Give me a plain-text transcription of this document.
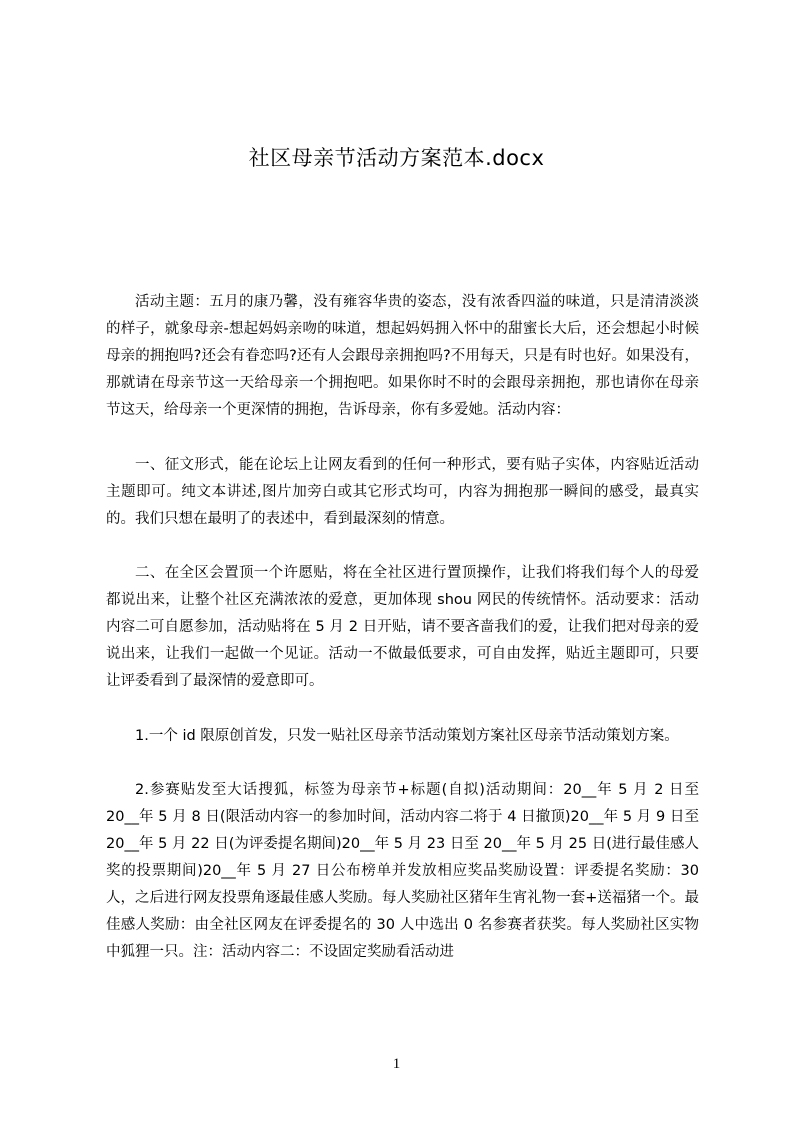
社区母亲节活动方案范本.docx

活动主题：五月的康乃馨，没有雍容华贵的姿态，没有浓香四溢的味道，只是清清淡淡的样子，就象母亲-想起妈妈亲吻的味道，想起妈妈拥入怀中的甜蜜长大后，还会想起小时候母亲的拥抱吗?还会有眷恋吗?还有人会跟母亲拥抱吗?不用每天，只是有时也好。如果没有，那就请在母亲节这一天给母亲一个拥抱吧。如果你时不时的会跟母亲拥抱，那也请你在母亲节这天，给母亲一个更深情的拥抱，告诉母亲，你有多爱她。活动内容：

一、征文形式，能在论坛上让网友看到的任何一种形式，要有贴子实体，内容贴近活动主题即可。纯文本讲述,图片加旁白或其它形式均可，内容为拥抱那一瞬间的感受，最真实的。我们只想在最明了的表述中，看到最深刻的情意。

二、在全区会置顶一个许愿贴，将在全社区进行置顶操作，让我们将我们每个人的母爱都说出来，让整个社区充满浓浓的爱意，更加体现 shou 网民的传统情怀。活动要求：活动内容二可自愿参加，活动贴将在 5 月 2 日开贴，请不要吝啬我们的爱，让我们把对母亲的爱说出来，让我们一起做一个见证。活动一不做最低要求，可自由发挥，贴近主题即可，只要让评委看到了最深情的爱意即可。

1.一个 id 限原创首发，只发一贴社区母亲节活动策划方案社区母亲节活动策划方案。

2.参赛贴发至大话搜狐，标签为母亲节+标题(自拟)活动期间：20__年 5 月 2 日至 20__年 5 月 8 日(限活动内容一的参加时间，活动内容二将于 4 日撤顶)20__年 5 月 9 日至 20__年 5 月 22 日(为评委提名期间)20__年 5 月 23 日至 20__年 5 月 25 日(进行最佳感人奖的投票期间)20__年 5 月 27 日公布榜单并发放相应奖品奖励设置：评委提名奖励：30 人，之后进行网友投票角逐最佳感人奖励。每人奖励社区猪年生宵礼物一套+送福猪一个。最佳感人奖励：由全社区网友在评委提名的 30 人中选出 0 名参赛者获奖。每人奖励社区实物中狐狸一只。注：活动内容二：不设固定奖励看活动进

1
